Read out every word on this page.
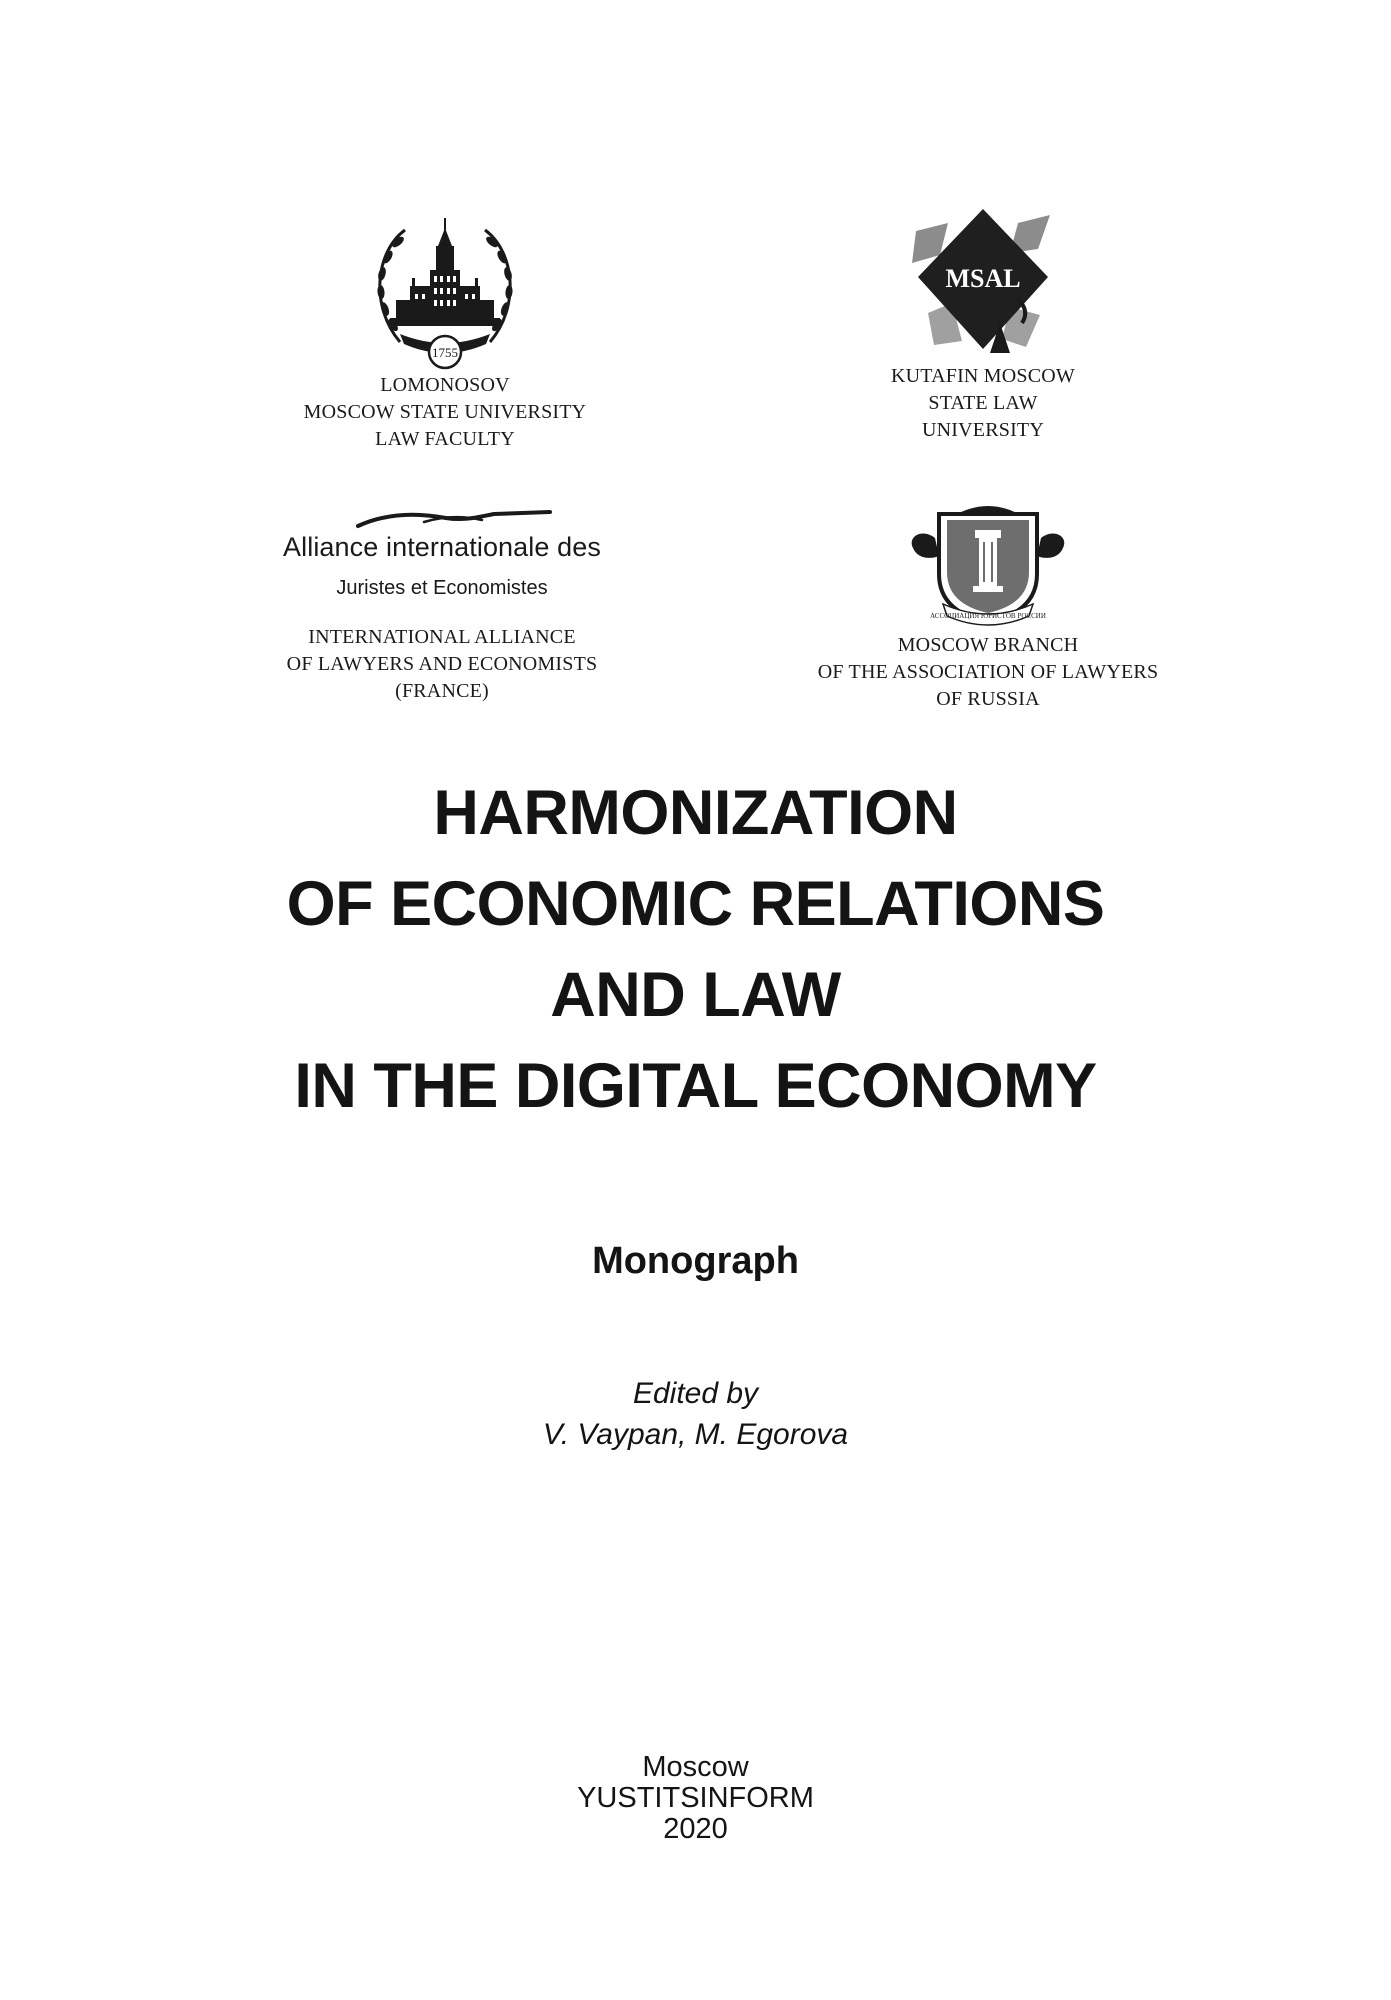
1755
LOMONOSOV
MOSCOW STATE UNIVERSITY
LAW FACULTY
MSAL
KUTAFIN MOSCOW
STATE LAW
UNIVERSITY
Alliance internationale des
Juristes et Economistes
INTERNATIONAL ALLIANCE
OF LAWYERS AND ECONOMISTS
(FRANCE)
АССОЦИАЦИЯ ЮРИСТОВ РОССИИ
MOSCOW BRANCH
OF THE ASSOCIATION OF LAWYERS
OF RUSSIA
HARMONIZATION
OF ECONOMIC RELATIONS
AND LAW
IN THE DIGITAL ECONOMY
Monograph
Edited by
V. Vaypan, M. Egorova
Moscow
YUSTITSINFORM
2020
